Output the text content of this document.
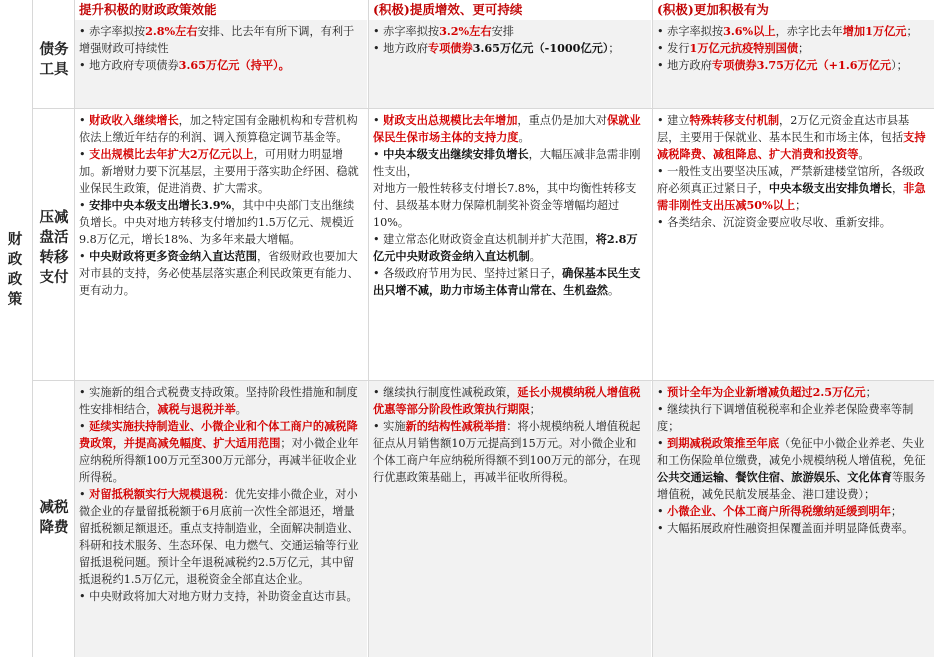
提升积极的财政政策效能	(积极)提质增效、更可持续	(积极)更加积极有为
财政政策
债务工具
压减盘活转移支付
减税降费

• 赤字率拟按2.8%左右安排、比去年有所下调，有利于增强财政可持续性

• 地方政府专项债券3.65万亿元（持平）。

• 赤字率拟按3.2%左右安排

• 地方政府专项债券3.65万亿元（-1000亿元）；

• 赤字率拟按3.6%以上，赤字比去年增加1万亿元；

• 发行1万亿元抗疫特别国债；

• 地方政府专项债券3.75万亿元（+1.6万亿元）；

• 财政收入继续增长，加之特定国有金融机构和专营机构依法上缴近年结存的利润、调入预算稳定调节基金等。

• 支出规模比去年扩大2万亿元以上，可用财力明显增加。新增财力要下沉基层，主要用于落实助企纾困、稳就业保民生政策，促进消费、扩大需求。

• 安排中央本级支出增长3.9%，其中中央部门支出继续负增长。中央对地方转移支付增加约1.5万亿元、规模近9.8万亿元，增长18%、为多年来最大增幅。

• 中央财政将更多资金纳入直达范围，省级财政也要加大对市县的支持，务必使基层落实惠企利民政策更有能力、更有动力。

• 财政支出总规模比去年增加，重点仍是加大对保就业保民生保市场主体的支持力度。

• 中央本级支出继续安排负增长，大幅压减非急需非刚性支出，

对地方一般性转移支付增长7.8%，其中均衡性转移支付、县级基本财力保障机制奖补资金等增幅均超过10%。

• 建立常态化财政资金直达机制并扩大范围，将2.8万亿元中央财政资金纳入直达机制。

• 各级政府节用为民、坚持过紧日子，确保基本民生支出只增不减，助力市场主体青山常在、生机盎然。

• 建立特殊转移支付机制，2万亿元资金直达市县基层，主要用于保就业、基本民生和市场主体，包括支持减税降费、减租降息、扩大消费和投资等。

• 一般性支出要坚决压减，严禁新建楼堂馆所，各级政府必须真正过紧日子，中央本级支出安排负增长，非急需非刚性支出压减50%以上；

• 各类结余、沉淀资金要应收尽收、重新安排。

• 实施新的组合式税费支持政策。坚持阶段性措施和制度性安排相结合，减税与退税并举。

• 延续实施扶持制造业、小微企业和个体工商户的减税降费政策，并提高减免幅度、扩大适用范围；对小微企业年应纳税所得额100万元至300万元部分，再减半征收企业所得税。

• 对留抵税额实行大规模退税：优先安排小微企业，对小微企业的存量留抵税额于6月底前一次性全部退还，增量留抵税额足额退还。重点支持制造业，全面解决制造业、科研和技术服务、生态环保、电力燃气、交通运输等行业留抵退税问题。预计全年退税减税约2.5万亿元，其中留抵退税约1.5万亿元，退税资金全部直达企业。

• 中央财政将加大对地方财力支持，补助资金直达市县。

• 继续执行制度性减税政策，延长小规模纳税人增值税优惠等部分阶段性政策执行期限；

• 实施新的结构性减税举措：将小规模纳税人增值税起征点从月销售额10万元提高到15万元。对小微企业和个体工商户年应纳税所得额不到100万元的部分，在现行优惠政策基础上，再减半征收所得税。

• 预计全年为企业新增减负超过2.5万亿元；

• 继续执行下调增值税税率和企业养老保险费率等制度；

• 到期减税政策推至年底（免征中小微企业养老、失业和工伤保险单位缴费，减免小规模纳税人增值税，免征公共交通运输、餐饮住宿、旅游娱乐、文化体育等服务增值税，减免民航发展基金、港口建设费）；

• 小微企业、个体工商户所得税缴纳延缓到明年；

• 大幅拓展政府性融资担保覆盖面并明显降低费率。
